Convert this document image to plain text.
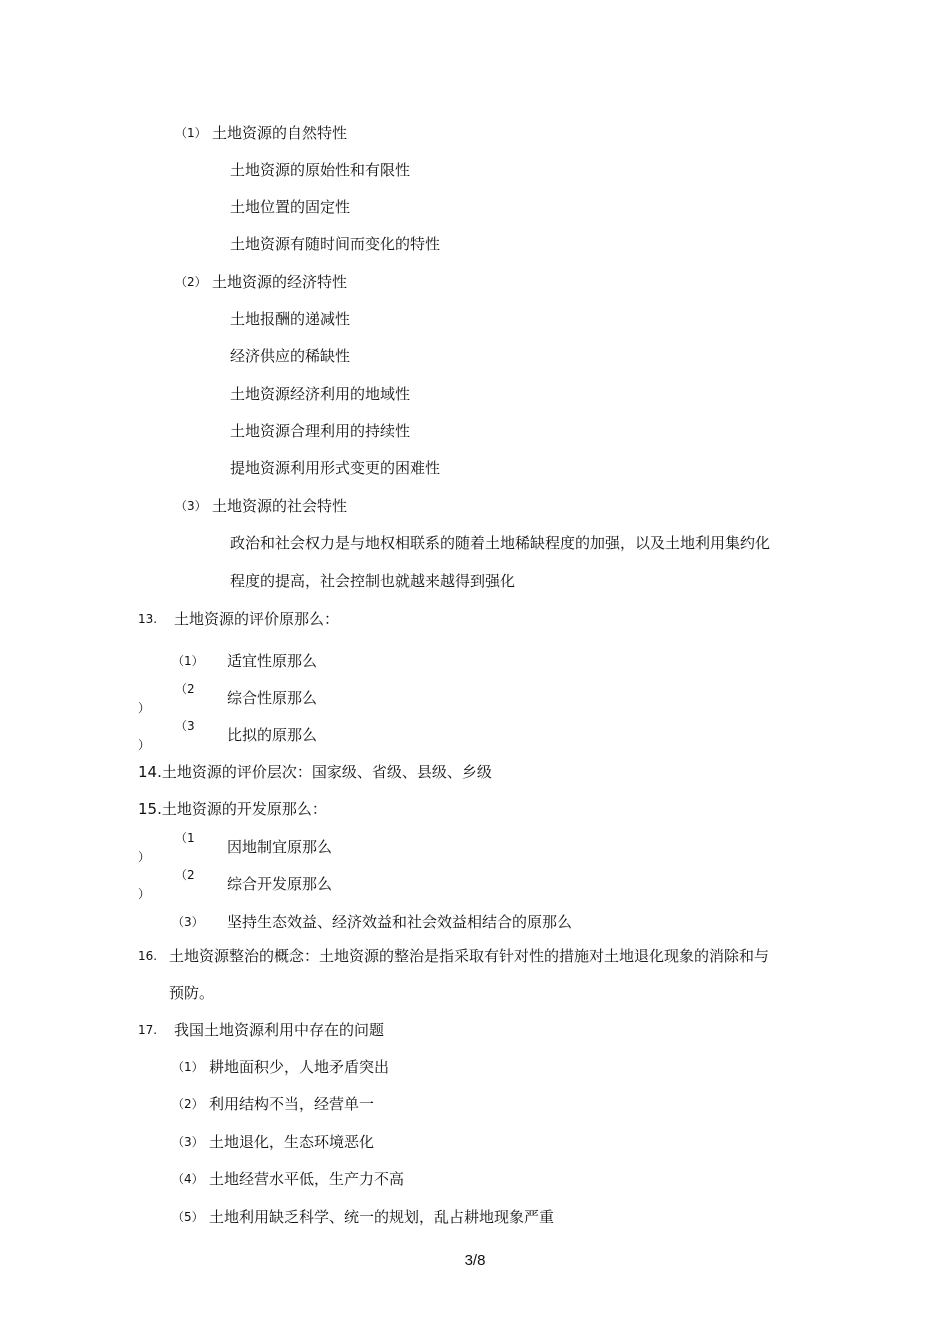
（1） 土地资源的自然特性
土地资源的原始性和有限性
土地位置的固定性
土地资源有随时间而变化的特性
（2） 土地资源的经济特性
土地报酬的递减性
经济供应的稀缺性
土地资源经济利用的地域性
土地资源合理利用的持续性
提地资源利用形式变更的困难性
（3） 土地资源的社会特性
政治和社会权力是与地权相联系的随着土地稀缺程度的加强，以及土地利用集约化
程度的提高，社会控制也就越来越得到强化
13. 土地资源的评价原那么：
（1） 适宜性原那么
（2
）
综合性原那么
（3
）
比拟的原那么
14.土地资源的评价层次：国家级、省级、县级、乡级
15.土地资源的开发原那么：
（1
）
因地制宜原那么
（2
）
综合开发原那么
（3） 坚持生态效益、经济效益和社会效益相结合的原那么
16. 土地资源整治的概念：土地资源的整治是指采取有针对性的措施对土地退化现象的消除和与
预防。
17. 我国土地资源利用中存在的问题
（1） 耕地面积少，人地矛盾突出
（2） 利用结构不当，经营单一
（3） 土地退化，生态环境恶化
（4） 土地经营水平低，生产力不高
（5） 土地利用缺乏科学、统一的规划，乱占耕地现象严重
3/8
